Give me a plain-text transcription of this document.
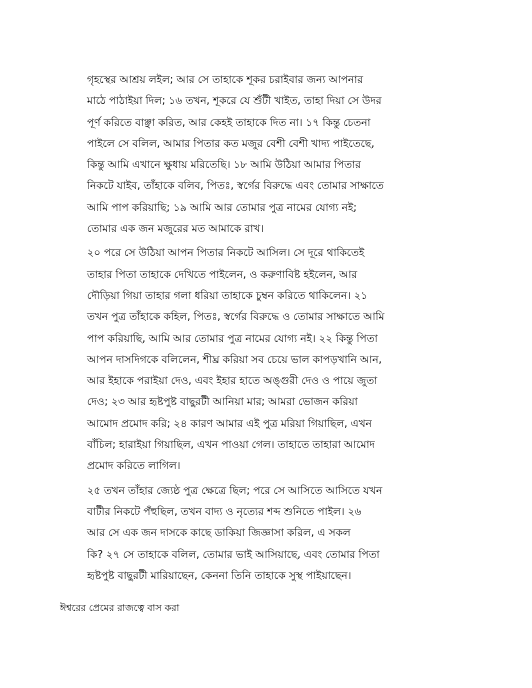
গৃহস্থের আশ্রয় লইল; আর সে তাহাকে শূকর চরাইবার জন্য আপনার
মাঠে পাঠাইয়া দিল; ১৬ তখন, শূকরে যে শুঁটী খাইত, তাহা দিয়া সে উদর
পূর্ণ করিতে বাঞ্ছা করিত, আর কেহই তাহাকে দিত না। ১৭ কিন্তু চেতনা
পাইলে সে বলিল, আমার পিতার কত মজুর বেশী বেশী খাদ্য পাইতেছে,
কিন্তু আমি এখানে ক্ষুধায় মরিতেছি। ১৮ আমি উঠিয়া আমার পিতার
নিকটে যাইব, তাঁহাকে বলিব, পিতঃ, স্বর্গের বিরুদ্ধে এবং তোমার সাক্ষাতে
আমি পাপ করিয়াছি; ১৯ আমি আর তোমার পুত্র নামের যোগ্য নই;
তোমার এক জন মজুরের মত আমাকে রাখ।
২০ পরে সে উঠিয়া আপন পিতার নিকটে আসিল। সে দূরে থাকিতেই
তাহার পিতা তাহাকে দেখিতে পাইলেন, ও করুণাবিষ্ট হইলেন, আর
দৌড়িয়া গিয়া তাহার গলা ধরিয়া তাহাকে চুম্বন করিতে থাকিলেন। ২১
তখন পুত্র তাঁহাকে কহিল, পিতঃ, স্বর্গের বিরুদ্ধে ও তোমার সাক্ষাতে আমি
পাপ করিয়াছি, আমি আর তোমার পুত্র নামের যোগ্য নই। ২২ কিন্তু পিতা
আপন দাসদিগকে বলিলেন, শীঘ্র করিয়া সব চেয়ে ভাল কাপড়খানি আন,
আর ইহাকে পরাইয়া দেও, এবং ইহার হাতে অঙ্গুরী দেও ও পায়ে জুতা
দেও; ২৩ আর হৃষ্টপুষ্ট বাছুরটী আনিয়া মার; আমরা ভোজন করিয়া
আমোদ প্রমোদ করি; ২৪ কারণ আমার এই পুত্র মরিয়া গিয়াছিল, এখন
বাঁচিল; হারাইয়া গিয়াছিল, এখন পাওয়া গেল। তাহাতে তাহারা আমোদ
প্রমোদ করিতে লাগিল।
২৫ তখন তাঁহার জ্যেষ্ঠ পুত্র ক্ষেত্রে ছিল; পরে সে আসিতে আসিতে যখন
বাটীর নিকটে পঁহুছিল, তখন বাদ্য ও নৃত্যের শব্দ শুনিতে পাইল। ২৬
আর সে এক জন দাসকে কাছে ডাকিয়া জিজ্ঞাসা করিল, এ সকল
কি? ২৭ সে তাহাকে বলিল, তোমার ভাই আসিয়াছে, এবং তোমার পিতা
হৃষ্টপুষ্ট বাছুরটী মারিয়াছেন, কেননা তিনি তাহাকে সুস্থ পাইয়াছেন।
ঈশ্বরের প্রেমের রাজত্বে বাস করা
